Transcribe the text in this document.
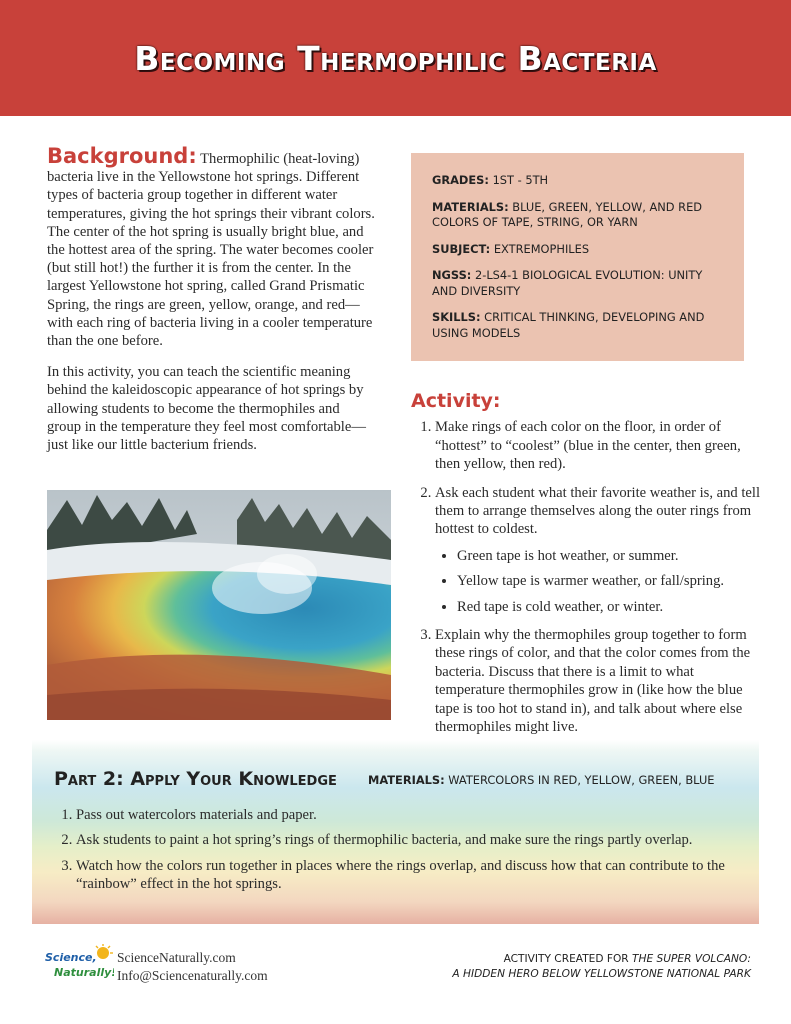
Becoming Thermophilic Bacteria

Background: Thermophilic (heat-loving) bacteria live in the Yellowstone hot springs. Different types of bacteria group together in different water temperatures, giving the hot springs their vibrant colors. The center of the hot spring is usually bright blue, and the hottest area of the spring. The water becomes cooler (but still hot!) the further it is from the center. In the largest Yellowstone hot spring, called Grand Prismatic Spring, the rings are green, yellow, orange, and red—with each ring of bacteria living in a cooler temperature than the one before.

In this activity, you can teach the scientific meaning behind the kaleidoscopic appearance of hot springs by allowing students to become the thermophiles and group in the temperature they feel most comfortable—just like our little bacterium friends.

GRADES: 1ST - 5TH
MATERIALS: BLUE, GREEN, YELLOW, AND RED COLORS OF TAPE, STRING, OR YARN
SUBJECT: EXTREMOPHILES
NGSS: 2-LS4-1 BIOLOGICAL EVOLUTION: UNITY AND DIVERSITY
SKILLS: CRITICAL THINKING, DEVELOPING AND USING MODELS
Activity:
1. Make rings of each color on the floor, in order of “hottest” to “coolest” (blue in the center, then green, then yellow, then red).
2. Ask each student what their favorite weather is, and tell them to arrange themselves along the outer rings from hottest to coldest.
• Green tape is hot weather, or summer.
• Yellow tape is warmer weather, or fall/spring.
• Red tape is cold weather, or winter.
3. Explain why the thermophiles group together to form these rings of color, and that the color comes from the bacteria. Discuss that there is a limit to what temperature thermophiles grow in (like how the blue tape is too hot to stand in), and talk about where else thermophiles might live.
Part 2: Apply Your Knowledge	MATERIALS: WATERCOLORS IN RED, YELLOW, GREEN, BLUE
1. Pass out watercolors materials and paper.
2. Ask students to paint a hot spring’s rings of thermophilic bacteria, and make sure the rings partly overlap.
3. Watch how the colors run together in places where the rings overlap, and discuss how that can contribute to the “rainbow” effect in the hot springs.
Science,
Naturally!
ScienceNaturally.com
Info@Sciencenaturally.com
ACTIVITY CREATED FOR THE SUPER VOLCANO:
A HIDDEN HERO BELOW YELLOWSTONE NATIONAL PARK
